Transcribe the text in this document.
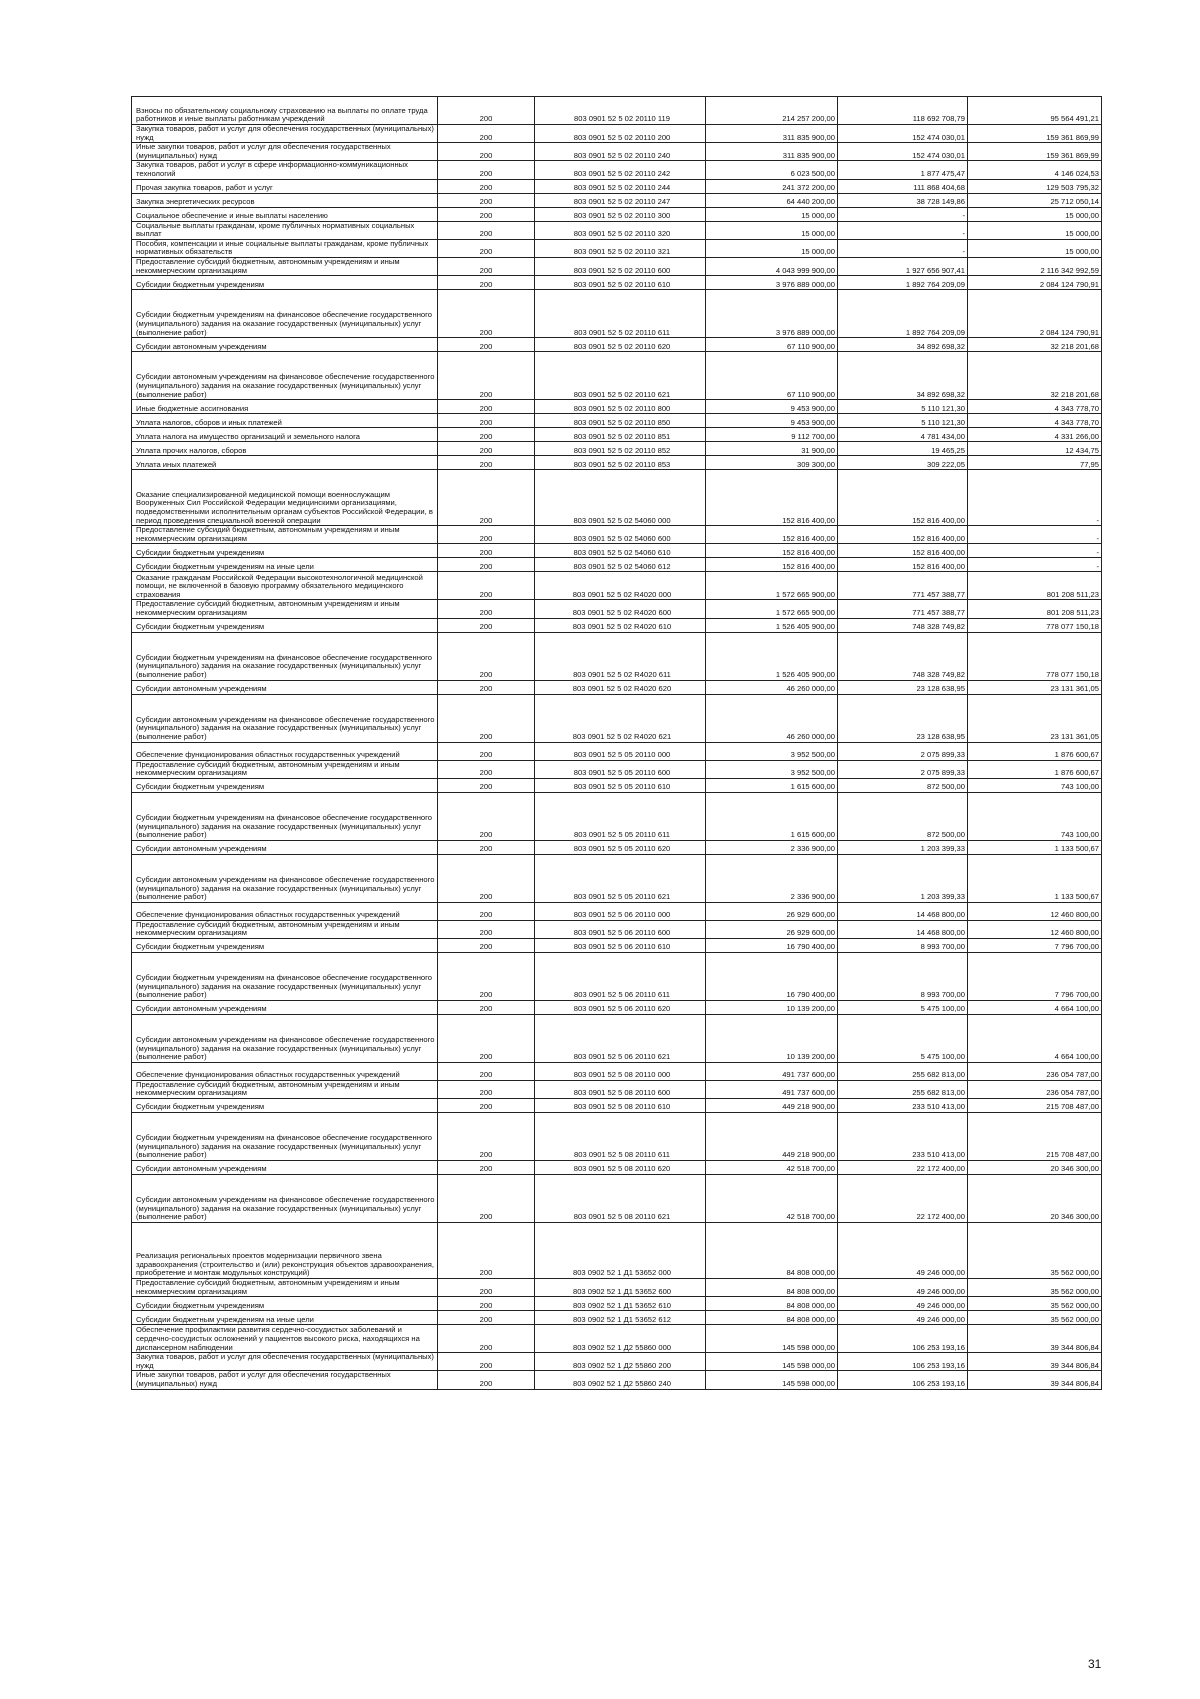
Взносы по обязательному социальному страхованию на выплаты по оплате труда работников и иные выплаты работникам учреждений	200	803 0901 52 5 02 20110 119	214 257 200,00	118 692 708,79	95 564 491,21
Закупка товаров, работ и услуг для обеспечения государственных (муниципальных) нужд	200	803 0901 52 5 02 20110 200	311 835 900,00	152 474 030,01	159 361 869,99
Иные закупки товаров, работ и услуг для обеспечения государственных (муниципальных) нужд	200	803 0901 52 5 02 20110 240	311 835 900,00	152 474 030,01	159 361 869,99
Закупка товаров, работ и услуг в сфере информационно-коммуникационных технологий	200	803 0901 52 5 02 20110 242	6 023 500,00	1 877 475,47	4 146 024,53
Прочая закупка товаров, работ и услуг	200	803 0901 52 5 02 20110 244	241 372 200,00	111 868 404,68	129 503 795,32
Закупка энергетических ресурсов	200	803 0901 52 5 02 20110 247	64 440 200,00	38 728 149,86	25 712 050,14
Социальное обеспечение и иные выплаты населению	200	803 0901 52 5 02 20110 300	15 000,00	-	15 000,00
Социальные выплаты гражданам, кроме публичных нормативных социальных выплат	200	803 0901 52 5 02 20110 320	15 000,00	-	15 000,00
Пособия, компенсации и иные социальные выплаты гражданам, кроме публичных нормативных обязательств	200	803 0901 52 5 02 20110 321	15 000,00	-	15 000,00
Предоставление субсидий бюджетным, автономным учреждениям и иным некоммерческим организациям	200	803 0901 52 5 02 20110 600	4 043 999 900,00	1 927 656 907,41	2 116 342 992,59
Субсидии бюджетным учреждениям	200	803 0901 52 5 02 20110 610	3 976 889 000,00	1 892 764 209,09	2 084 124 790,91
Субсидии бюджетным учреждениям на финансовое обеспечение государственного (муниципального) задания на оказание государственных (муниципальных) услуг (выполнение работ)	200	803 0901 52 5 02 20110 611	3 976 889 000,00	1 892 764 209,09	2 084 124 790,91
Субсидии автономным учреждениям	200	803 0901 52 5 02 20110 620	67 110 900,00	34 892 698,32	32 218 201,68
Субсидии автономным учреждениям на финансовое обеспечение государственного (муниципального) задания на оказание государственных (муниципальных) услуг (выполнение работ)	200	803 0901 52 5 02 20110 621	67 110 900,00	34 892 698,32	32 218 201,68
Иные бюджетные ассигнования	200	803 0901 52 5 02 20110 800	9 453 900,00	5 110 121,30	4 343 778,70
Уплата налогов, сборов и иных платежей	200	803 0901 52 5 02 20110 850	9 453 900,00	5 110 121,30	4 343 778,70
Уплата налога на имущество организаций и земельного налога	200	803 0901 52 5 02 20110 851	9 112 700,00	4 781 434,00	4 331 266,00
Уплата прочих налогов, сборов	200	803 0901 52 5 02 20110 852	31 900,00	19 465,25	12 434,75
Уплата иных платежей	200	803 0901 52 5 02 20110 853	309 300,00	309 222,05	77,95
Оказание специализированной медицинской помощи военнослужащим Вооруженных Сил Российской Федерации медицинскими организациями, подведомственными исполнительным органам субъектов Российской Федерации, в период проведения специальной военной операции	200	803 0901 52 5 02 54060 000	152 816 400,00	152 816 400,00	-
Предоставление субсидий бюджетным, автономным учреждениям и иным некоммерческим организациям	200	803 0901 52 5 02 54060 600	152 816 400,00	152 816 400,00	-
Субсидии бюджетным учреждениям	200	803 0901 52 5 02 54060 610	152 816 400,00	152 816 400,00	-
Субсидии бюджетным учреждениям на иные цели	200	803 0901 52 5 02 54060 612	152 816 400,00	152 816 400,00	-
Оказание гражданам Российской Федерации высокотехнологичной медицинской помощи, не включенной в базовую программу обязательного медицинского страхования	200	803 0901 52 5 02 R4020 000	1 572 665 900,00	771 457 388,77	801 208 511,23
Предоставление субсидий бюджетным, автономным учреждениям и иным некоммерческим организациям	200	803 0901 52 5 02 R4020 600	1 572 665 900,00	771 457 388,77	801 208 511,23
Субсидии бюджетным учреждениям	200	803 0901 52 5 02 R4020 610	1 526 405 900,00	748 328 749,82	778 077 150,18
Субсидии бюджетным учреждениям на финансовое обеспечение государственного (муниципального) задания на оказание государственных (муниципальных) услуг (выполнение работ)	200	803 0901 52 5 02 R4020 611	1 526 405 900,00	748 328 749,82	778 077 150,18
Субсидии автономным учреждениям	200	803 0901 52 5 02 R4020 620	46 260 000,00	23 128 638,95	23 131 361,05
Субсидии автономным учреждениям на финансовое обеспечение государственного (муниципального) задания на оказание государственных (муниципальных) услуг (выполнение работ)	200	803 0901 52 5 02 R4020 621	46 260 000,00	23 128 638,95	23 131 361,05
Обеспечение функционирования областных государственных учреждений	200	803 0901 52 5 05 20110 000	3 952 500,00	2 075 899,33	1 876 600,67
Предоставление субсидий бюджетным, автономным учреждениям и иным некоммерческим организациям	200	803 0901 52 5 05 20110 600	3 952 500,00	2 075 899,33	1 876 600,67
Субсидии бюджетным учреждениям	200	803 0901 52 5 05 20110 610	1 615 600,00	872 500,00	743 100,00
Субсидии бюджетным учреждениям на финансовое обеспечение государственного (муниципального) задания на оказание государственных (муниципальных) услуг (выполнение работ)	200	803 0901 52 5 05 20110 611	1 615 600,00	872 500,00	743 100,00
Субсидии автономным учреждениям	200	803 0901 52 5 05 20110 620	2 336 900,00	1 203 399,33	1 133 500,67
Субсидии автономным учреждениям на финансовое обеспечение государственного (муниципального) задания на оказание государственных (муниципальных) услуг (выполнение работ)	200	803 0901 52 5 05 20110 621	2 336 900,00	1 203 399,33	1 133 500,67
Обеспечение функционирования областных государственных учреждений	200	803 0901 52 5 06 20110 000	26 929 600,00	14 468 800,00	12 460 800,00
Предоставление субсидий бюджетным, автономным учреждениям и иным некоммерческим организациям	200	803 0901 52 5 06 20110 600	26 929 600,00	14 468 800,00	12 460 800,00
Субсидии бюджетным учреждениям	200	803 0901 52 5 06 20110 610	16 790 400,00	8 993 700,00	7 796 700,00
Субсидии бюджетным учреждениям на финансовое обеспечение государственного (муниципального) задания на оказание государственных (муниципальных) услуг (выполнение работ)	200	803 0901 52 5 06 20110 611	16 790 400,00	8 993 700,00	7 796 700,00
Субсидии автономным учреждениям	200	803 0901 52 5 06 20110 620	10 139 200,00	5 475 100,00	4 664 100,00
Субсидии автономным учреждениям на финансовое обеспечение государственного (муниципального) задания на оказание государственных (муниципальных) услуг (выполнение работ)	200	803 0901 52 5 06 20110 621	10 139 200,00	5 475 100,00	4 664 100,00
Обеспечение функционирования областных государственных учреждений	200	803 0901 52 5 08 20110 000	491 737 600,00	255 682 813,00	236 054 787,00
Предоставление субсидий бюджетным, автономным учреждениям и иным некоммерческим организациям	200	803 0901 52 5 08 20110 600	491 737 600,00	255 682 813,00	236 054 787,00
Субсидии бюджетным учреждениям	200	803 0901 52 5 08 20110 610	449 218 900,00	233 510 413,00	215 708 487,00
Субсидии бюджетным учреждениям на финансовое обеспечение государственного (муниципального) задания на оказание государственных (муниципальных) услуг (выполнение работ)	200	803 0901 52 5 08 20110 611	449 218 900,00	233 510 413,00	215 708 487,00
Субсидии автономным учреждениям	200	803 0901 52 5 08 20110 620	42 518 700,00	22 172 400,00	20 346 300,00
Субсидии автономным учреждениям на финансовое обеспечение государственного (муниципального) задания на оказание государственных (муниципальных) услуг (выполнение работ)	200	803 0901 52 5 08 20110 621	42 518 700,00	22 172 400,00	20 346 300,00
Реализация региональных проектов модернизации первичного звена здравоохранения (строительство и (или) реконструкция объектов здравоохранения, приобретение и монтаж модульных конструкций)	200	803 0902 52 1 Д1 53652 000	84 808 000,00	49 246 000,00	35 562 000,00
Предоставление субсидий бюджетным, автономным учреждениям и иным некоммерческим организациям	200	803 0902 52 1 Д1 53652 600	84 808 000,00	49 246 000,00	35 562 000,00
Субсидии бюджетным учреждениям	200	803 0902 52 1 Д1 53652 610	84 808 000,00	49 246 000,00	35 562 000,00
Субсидии бюджетным учреждениям на иные цели	200	803 0902 52 1 Д1 53652 612	84 808 000,00	49 246 000,00	35 562 000,00
Обеспечение профилактики развития сердечно-сосудистых заболеваний и сердечно-сосудистых осложнений у пациентов высокого риска, находящихся на диспансерном наблюдении	200	803 0902 52 1 Д2 55860 000	145 598 000,00	106 253 193,16	39 344 806,84
Закупка товаров, работ и услуг для обеспечения государственных (муниципальных) нужд	200	803 0902 52 1 Д2 55860 200	145 598 000,00	106 253 193,16	39 344 806,84
Иные закупки товаров, работ и услуг для обеспечения государственных (муниципальных) нужд	200	803 0902 52 1 Д2 55860 240	145 598 000,00	106 253 193,16	39 344 806,84
31
